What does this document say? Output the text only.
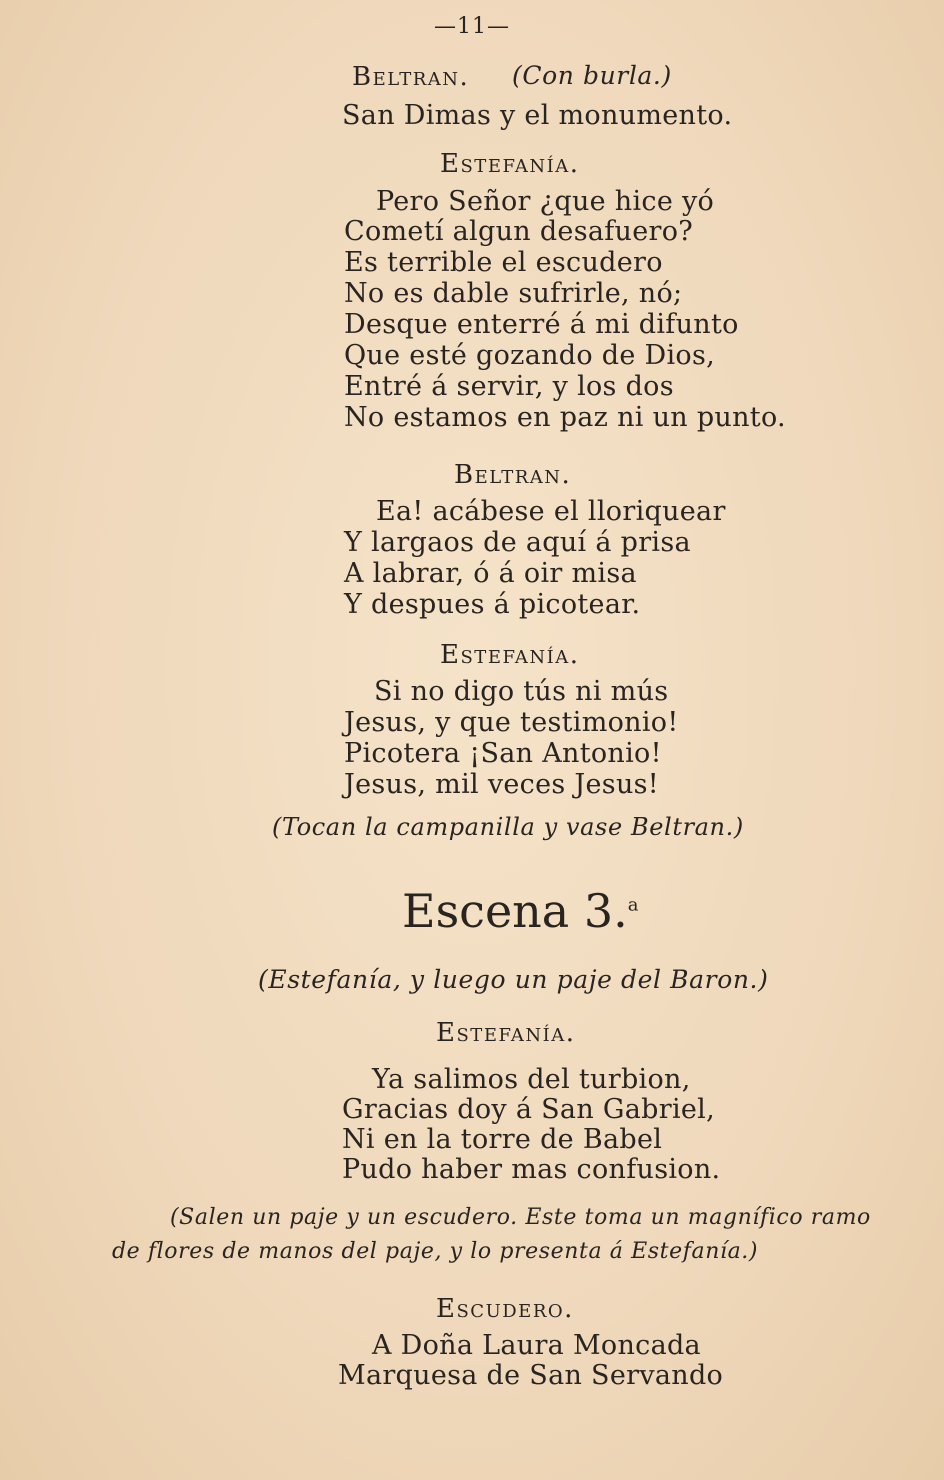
—11—
Beltran. (Con burla.)
San Dimas y el monumento.
Estefanía.
Pero Señor ¿que hice yó
Cometí algun desafuero?
Es terrible el escudero
No es dable sufrirle, nó;
Desque enterré á mi difunto
Que esté gozando de Dios,
Entré á servir, y los dos
No estamos en paz ni un punto.
Beltran.
Ea! acábese el lloriquear
Y largaos de aquí á prisa
A labrar, ó á oir misa
Y despues á picotear.
Estefanía.
Si no digo tús ni mús
Jesus, y que testimonio!
Picotera ¡San Antonio!
Jesus, mil veces Jesus!
(Tocan la campanilla y vase Beltran.)
Escena 3.$^a$
(Estefanía, y luego un paje del Baron.)
Estefanía.
Ya salimos del turbion,
Gracias doy á San Gabriel,
Ni en la torre de Babel
Pudo haber mas confusion.
(Salen un paje y un escudero. Este toma un magnífico ramo
de flores de manos del paje, y lo presenta á Estefanía.)
Escudero.
A Doña Laura Moncada
Marquesa de San Servando
